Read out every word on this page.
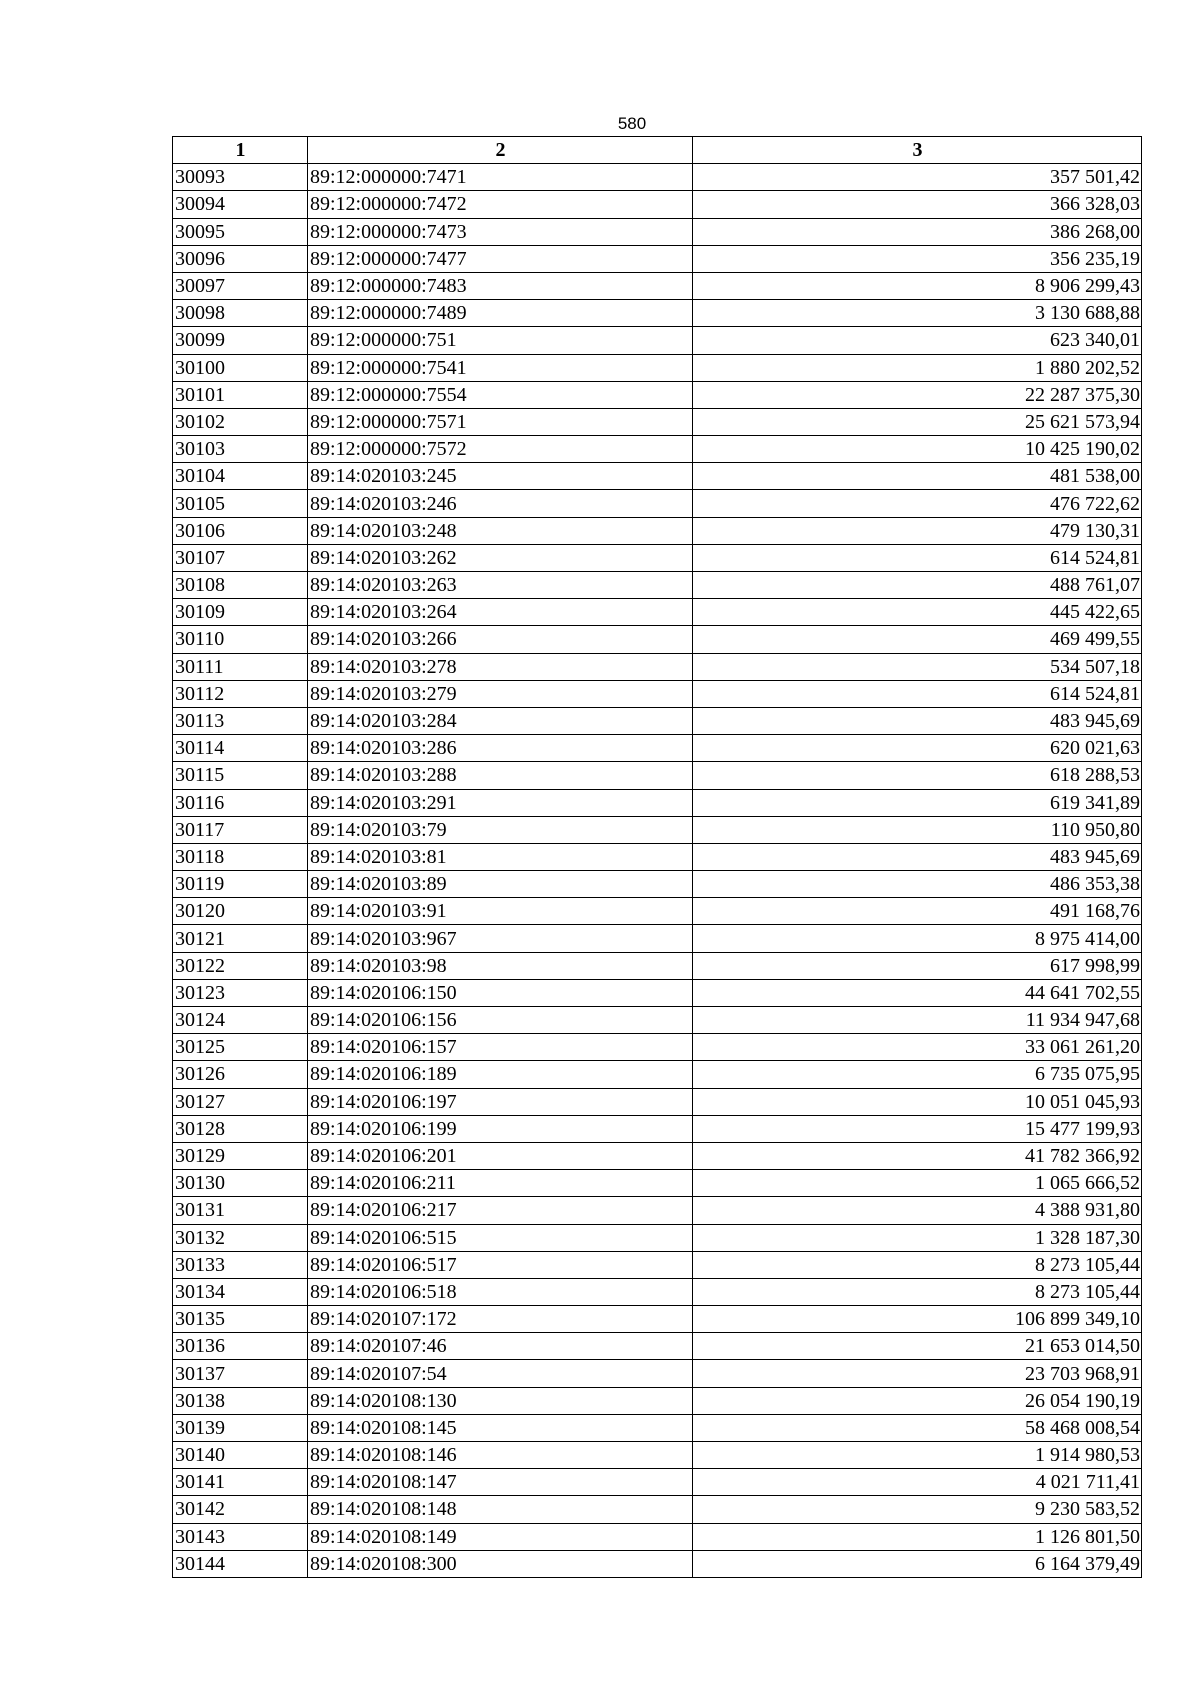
580
1	2	3
30093	89:12:000000:7471	357 501,42
30094	89:12:000000:7472	366 328,03
30095	89:12:000000:7473	386 268,00
30096	89:12:000000:7477	356 235,19
30097	89:12:000000:7483	8 906 299,43
30098	89:12:000000:7489	3 130 688,88
30099	89:12:000000:751	623 340,01
30100	89:12:000000:7541	1 880 202,52
30101	89:12:000000:7554	22 287 375,30
30102	89:12:000000:7571	25 621 573,94
30103	89:12:000000:7572	10 425 190,02
30104	89:14:020103:245	481 538,00
30105	89:14:020103:246	476 722,62
30106	89:14:020103:248	479 130,31
30107	89:14:020103:262	614 524,81
30108	89:14:020103:263	488 761,07
30109	89:14:020103:264	445 422,65
30110	89:14:020103:266	469 499,55
30111	89:14:020103:278	534 507,18
30112	89:14:020103:279	614 524,81
30113	89:14:020103:284	483 945,69
30114	89:14:020103:286	620 021,63
30115	89:14:020103:288	618 288,53
30116	89:14:020103:291	619 341,89
30117	89:14:020103:79	110 950,80
30118	89:14:020103:81	483 945,69
30119	89:14:020103:89	486 353,38
30120	89:14:020103:91	491 168,76
30121	89:14:020103:967	8 975 414,00
30122	89:14:020103:98	617 998,99
30123	89:14:020106:150	44 641 702,55
30124	89:14:020106:156	11 934 947,68
30125	89:14:020106:157	33 061 261,20
30126	89:14:020106:189	6 735 075,95
30127	89:14:020106:197	10 051 045,93
30128	89:14:020106:199	15 477 199,93
30129	89:14:020106:201	41 782 366,92
30130	89:14:020106:211	1 065 666,52
30131	89:14:020106:217	4 388 931,80
30132	89:14:020106:515	1 328 187,30
30133	89:14:020106:517	8 273 105,44
30134	89:14:020106:518	8 273 105,44
30135	89:14:020107:172	106 899 349,10
30136	89:14:020107:46	21 653 014,50
30137	89:14:020107:54	23 703 968,91
30138	89:14:020108:130	26 054 190,19
30139	89:14:020108:145	58 468 008,54
30140	89:14:020108:146	1 914 980,53
30141	89:14:020108:147	4 021 711,41
30142	89:14:020108:148	9 230 583,52
30143	89:14:020108:149	1 126 801,50
30144	89:14:020108:300	6 164 379,49
